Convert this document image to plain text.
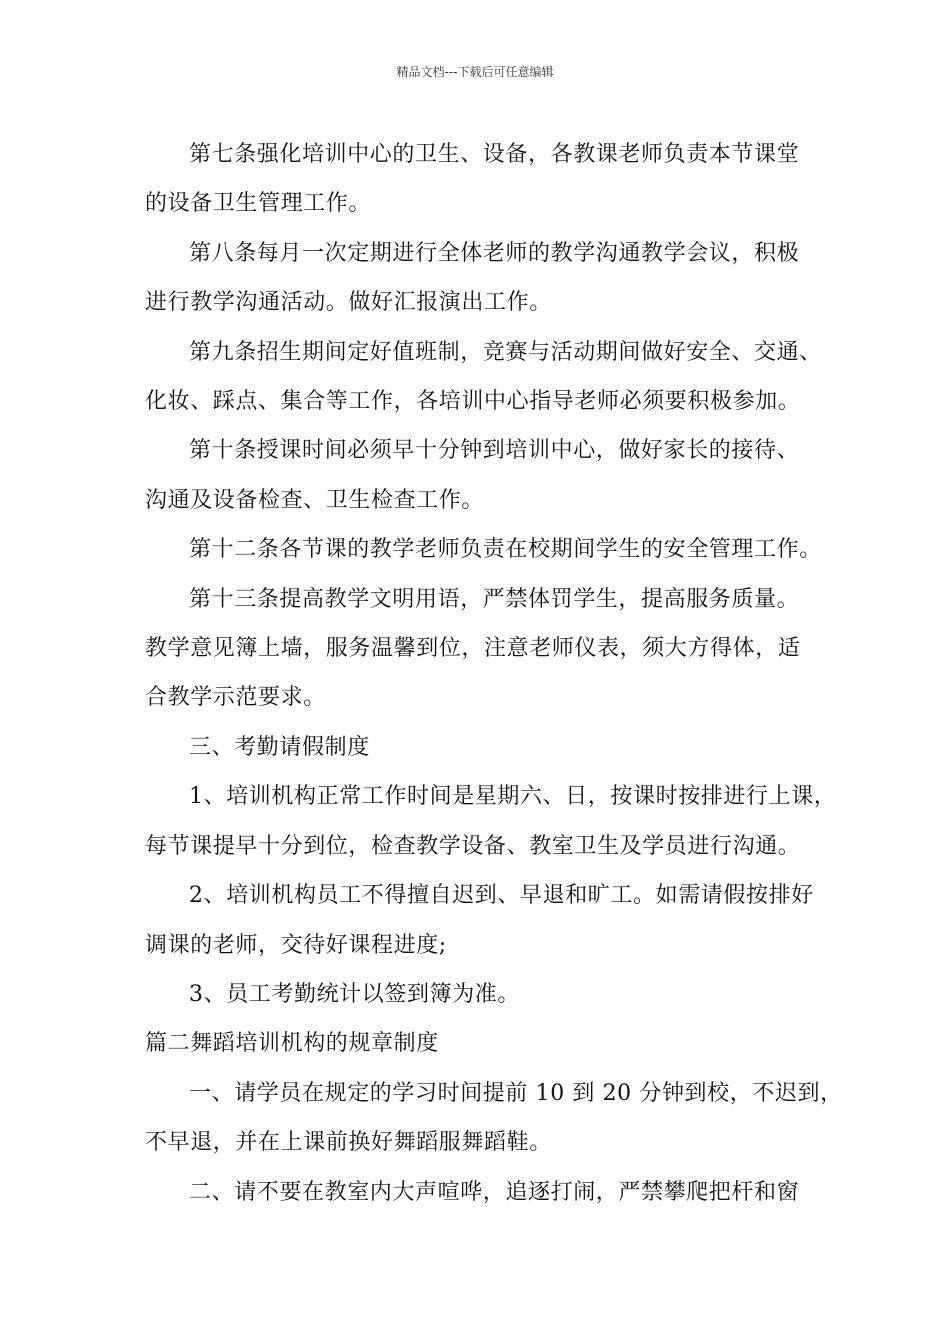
精品文档---下载后可任意编辑

第七条强化培训中心的卫生、设备，各教课老师负责本节课堂
的设备卫生管理工作。

第八条每月一次定期进行全体老师的教学沟通教学会议，积极
进行教学沟通活动。做好汇报演出工作。

第九条招生期间定好值班制，竞赛与活动期间做好安全、交通、
化妆、踩点、集合等工作，各培训中心指导老师必须要积极参加。

第十条授课时间必须早十分钟到培训中心，做好家长的接待、
沟通及设备检查、卫生检查工作。

第十二条各节课的教学老师负责在校期间学生的安全管理工作。

第十三条提高教学文明用语，严禁体罚学生，提高服务质量。
教学意见簿上墙，服务温馨到位，注意老师仪表，须大方得体，适
合教学示范要求。

三、考勤请假制度

1、培训机构正常工作时间是星期六、日，按课时按排进行上课，
每节课提早十分到位，检查教学设备、教室卫生及学员进行沟通。

2、培训机构员工不得擅自迟到、早退和旷工。如需请假按排好
调课的老师，交待好课程进度;

3、员工考勤统计以签到簿为准。

篇二舞蹈培训机构的规章制度

一、请学员在规定的学习时间提前 10 到 20 分钟到校，不迟到，
不早退，并在上课前换好舞蹈服舞蹈鞋。

二、请不要在教室内大声喧哗，追逐打闹，严禁攀爬把杆和窗
